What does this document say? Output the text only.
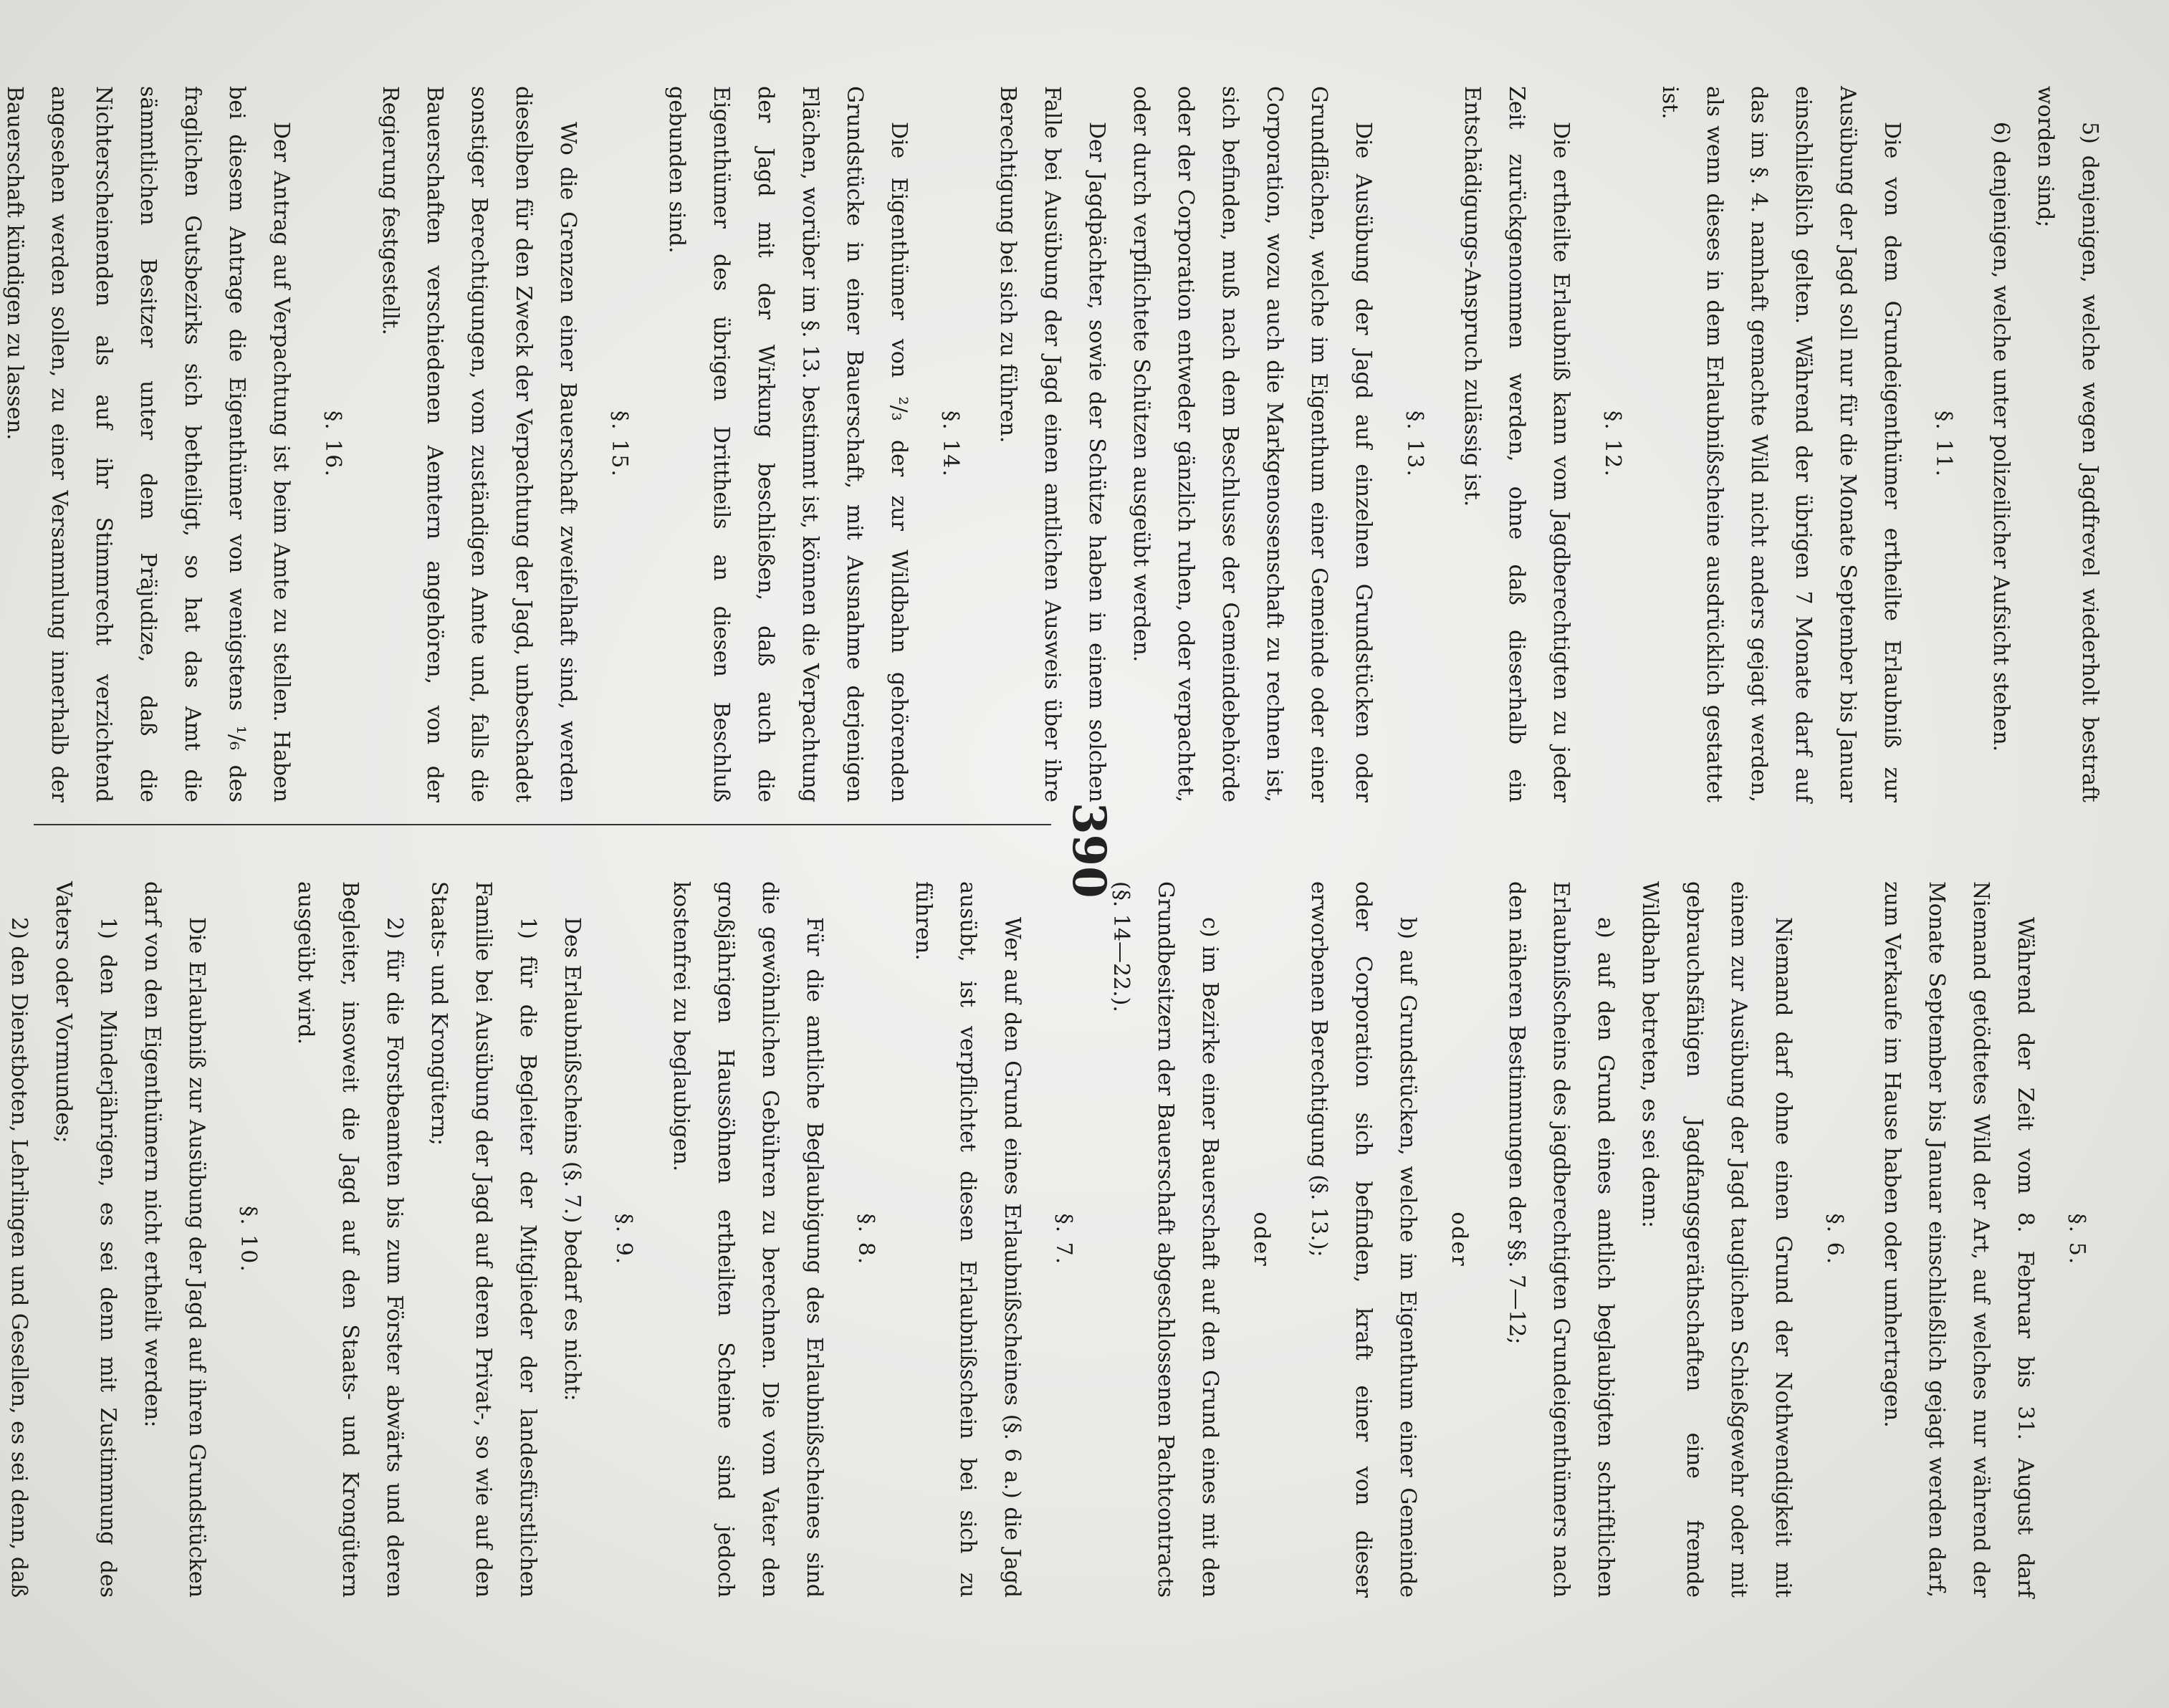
5) denjenigen, welche wegen Jagdfrevel wiederholt bestraft worden sind;
6) denjenigen, welche unter polizeilicher Aufsicht stehen.
§. 11.
Die von dem Grundeigenthümer ertheilte Erlaubniß zur Ausübung der Jagd soll nur für die Monate September bis Januar einschließlich gelten. Während der übrigen 7 Monate darf auf das im §. 4. namhaft gemachte Wild nicht anders gejagt werden, als wenn dieses in dem Erlaubnißscheine ausdrücklich gestattet ist.
§. 12.
Die ertheilte Erlaubniß kann vom Jagdberechtigten zu jeder Zeit zurückgenommen werden, ohne daß dieserhalb ein Entschädigungs-Anspruch zulässig ist.
§. 13.
Die Ausübung der Jagd auf einzelnen Grundstücken oder Grundflächen, welche im Eigenthum einer Gemeinde oder einer Corporation, wozu auch die Markgenossenschaft zu rechnen ist, sich befinden, muß nach dem Beschlusse der Gemeindebehörde oder der Corporation entweder gänzlich ruhen, oder verpachtet, oder durch verpflichtete Schützen ausgeübt werden.
Der Jagdpächter, sowie der Schütze haben in einem solchen Falle bei Ausübung der Jagd einen amtlichen Ausweis über ihre Berechtigung bei sich zu führen.
§. 14.
Die Eigenthümer von ²/₃ der zur Wildbahn gehörenden Grundstücke in einer Bauerschaft, mit Ausnahme derjenigen Flächen, worüber im §. 13. bestimmt ist, können die Verpachtung der Jagd mit der Wirkung beschließen, daß auch die Eigenthümer des übrigen Drittheils an diesen Beschluß gebunden sind.
§. 15.
Wo die Grenzen einer Bauerschaft zweifelhaft sind, werden dieselben für den Zweck der Verpachtung der Jagd, unbeschadet sonstiger Berechtigungen, vom zuständigen Amte und, falls die Bauerschaften verschiedenen Aemtern angehören, von der Regierung festgestellt.
§. 16.
Der Antrag auf Verpachtung ist beim Amte zu stellen. Haben bei diesem Antrage die Eigenthümer von wenigstens ¹/₆ des fraglichen Gutsbezirks sich betheiligt, so hat das Amt die sämmtlichen Besitzer unter dem Präjudize, daß die Nichterscheinenden als auf ihr Stimmrecht verzichtend angesehen werden sollen, zu einer Versammlung innerhalb der Bauerschaft kündigen zu lassen.
390
§. 5.
Während der Zeit vom 8. Februar bis 31. August darf Niemand getödtetes Wild der Art, auf welches nur während der Monate September bis Januar einschließlich gejagt werden darf, zum Verkaufe im Hause haben oder umhertragen.
§. 6.
Niemand darf ohne einen Grund der Nothwendigkeit mit einem zur Ausübung der Jagd tauglichen Schießgewehr oder mit gebrauchsfähigen Jagdfangsgeräthschaften eine fremde Wildbahn betreten, es sei denn:
a) auf den Grund eines amtlich beglaubigten schriftlichen Erlaubnißscheins des jagdberechtigten Grundeigenthümers nach den näheren Bestimmungen der §§. 7—12;
oder
b) auf Grundstücken, welche im Eigenthum einer Gemeinde oder Corporation sich befinden, kraft einer von dieser erworbenen Berechtigung (§. 13.);
oder
c) im Bezirke einer Bauerschaft auf den Grund eines mit den Grundbesitzern der Bauerschaft abgeschlossenen Pachtcontracts (§. 14—22.).
§. 7.
Wer auf den Grund eines Erlaubnißscheines (§. 6 a.) die Jagd ausübt, ist verpflichtet diesen Erlaubnißschein bei sich zu führen.
§. 8.
Für die amtliche Beglaubigung des Erlaubnißscheines sind die gewöhnlichen Gebühren zu berechnen. Die vom Vater den großjährigen Haussöhnen ertheilten Scheine sind jedoch kostenfrei zu beglaubigen.
§. 9.
Des Erlaubnißscheins (§. 7.) bedarf es nicht:
1) für die Begleiter der Mitglieder der landesfürstlichen Familie bei Ausübung der Jagd auf deren Privat-, so wie auf den Staats- und Krongütern;
2) für die Forstbeamten bis zum Förster abwärts und deren Begleiter, insoweit die Jagd auf den Staats- und Krongütern ausgeübt wird.
§. 10.
Die Erlaubniß zur Ausübung der Jagd auf ihren Grundstücken darf von den Eigenthümern nicht ertheilt werden:
1) den Minderjährigen, es sei denn mit Zustimmung des Vaters oder Vormundes;
2) den Dienstboten, Lehrlingen und Gesellen, es sei denn, daß
